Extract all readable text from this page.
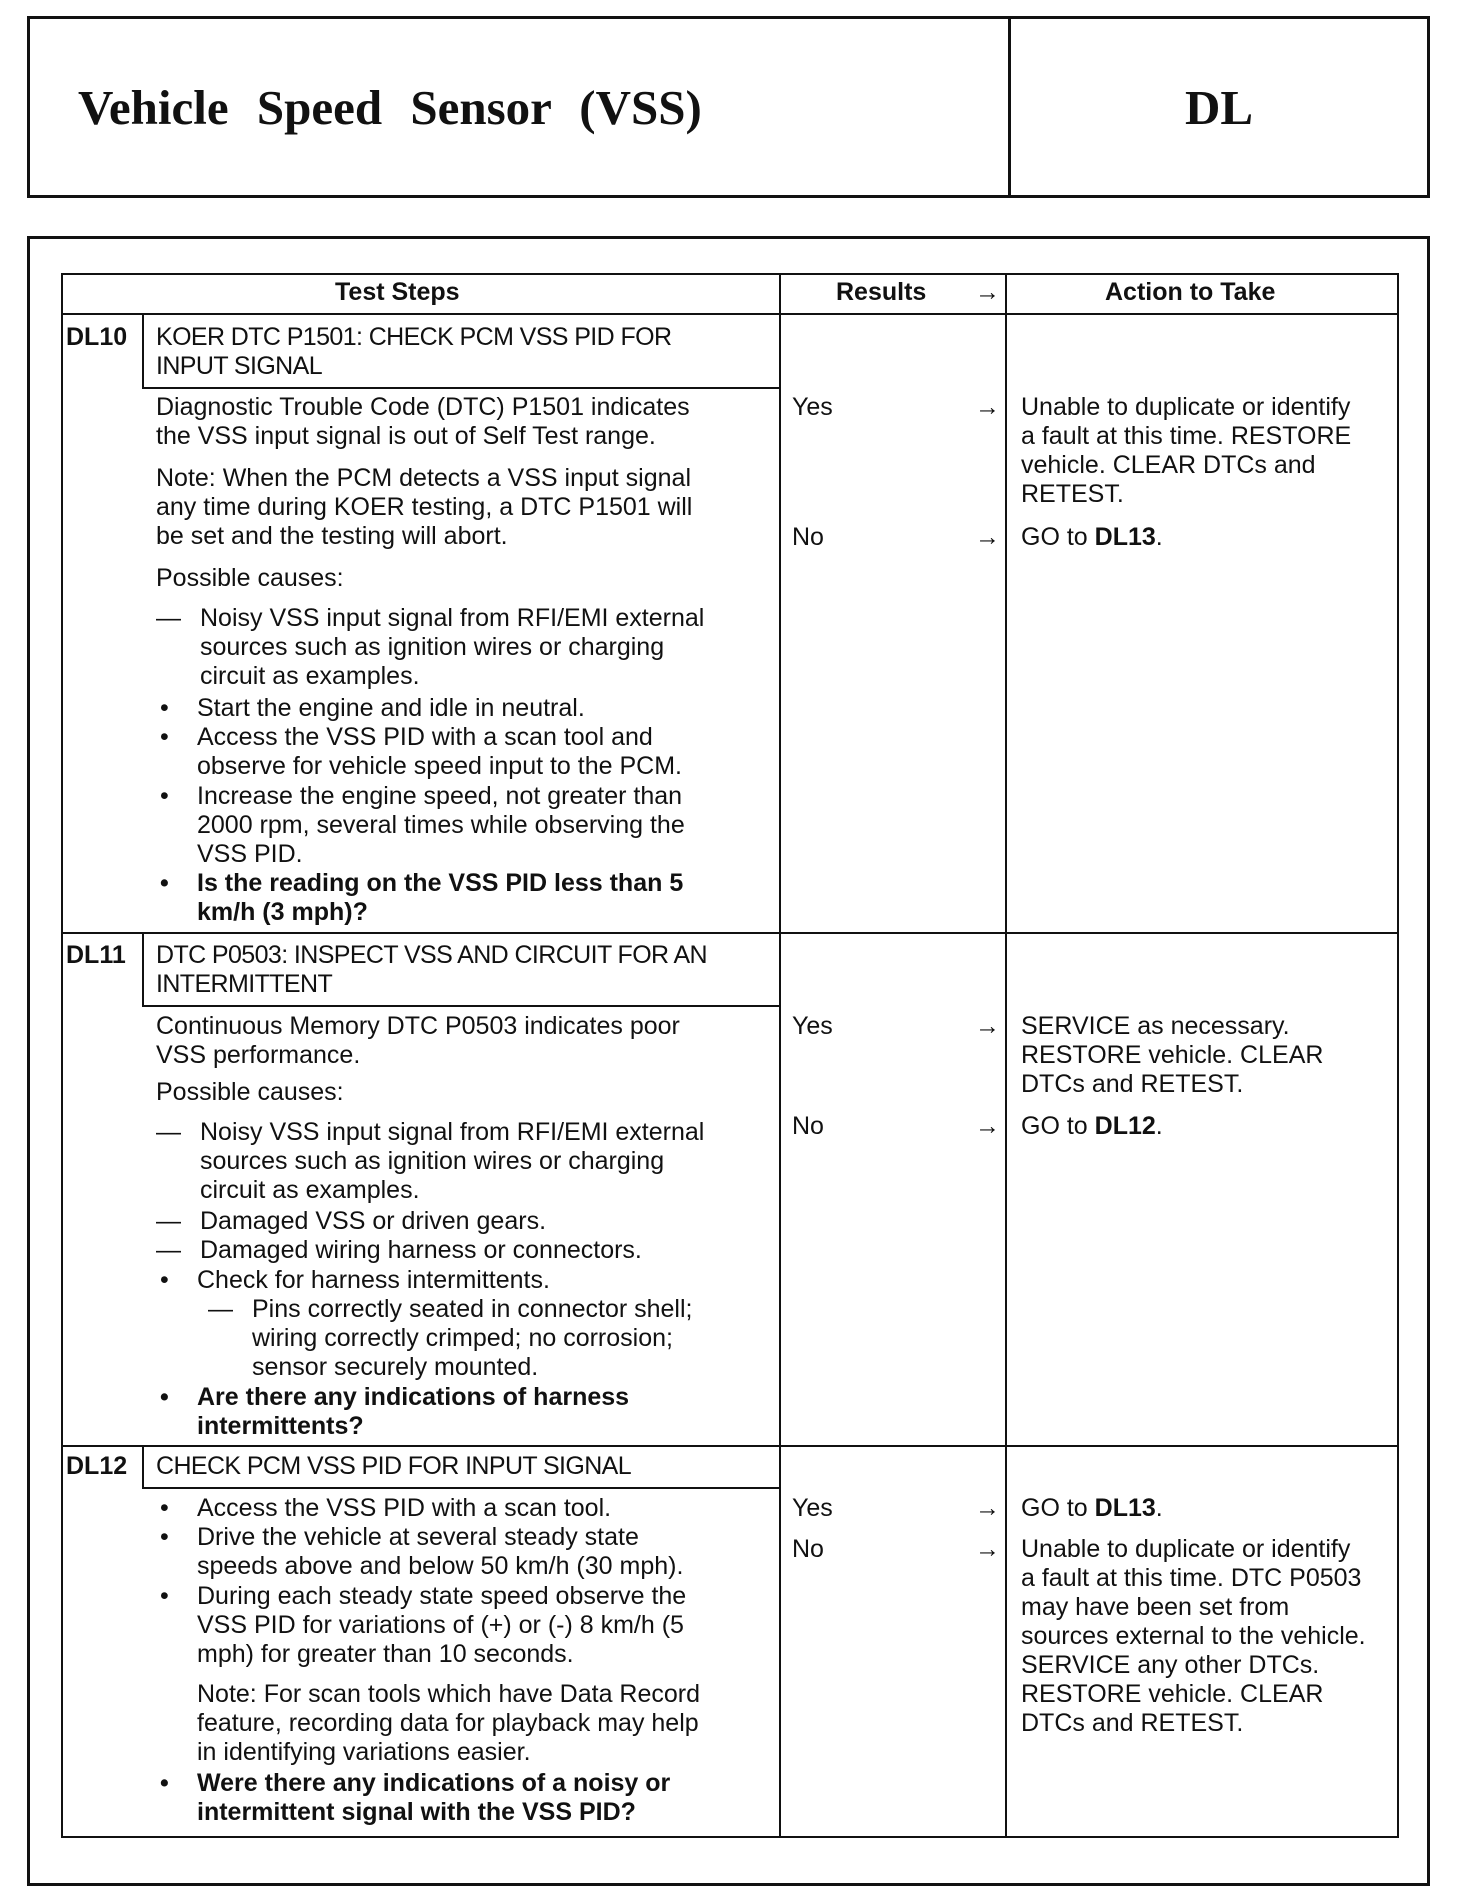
Vehicle Speed Sensor (VSS)	DL
Test Steps	Results →	Action to Take
DL10 KOER DTC P1501: CHECK PCM VSS PID FOR
INPUT SIGNAL
Diagnostic Trouble Code (DTC) P1501 indicates
the VSS input signal is out of Self Test range.
Note: When the PCM detects a VSS input signal
any time during KOER testing, a DTC P1501 will
be set and the testing will abort.
Possible causes:
— Noisy VSS input signal from RFI/EMI external
sources such as ignition wires or charging
circuit as examples.
• Start the engine and idle in neutral.
• Access the VSS PID with a scan tool and
observe for vehicle speed input to the PCM.
• Increase the engine speed, not greater than
2000 rpm, several times while observing the
VSS PID.
• Is the reading on the VSS PID less than 5
km/h (3 mph)?
Yes	→ Unable to duplicate or identify
a fault at this time. RESTORE
vehicle. CLEAR DTCs and
RETEST.
No	→ GO to DL13.
DL11 DTC P0503: INSPECT VSS AND CIRCUIT FOR AN
INTERMITTENT
Continuous Memory DTC P0503 indicates poor
VSS performance.
Possible causes:
— Noisy VSS input signal from RFI/EMI external
sources such as ignition wires or charging
circuit as examples.
— Damaged VSS or driven gears.
— Damaged wiring harness or connectors.
• Check for harness intermittents.
— Pins correctly seated in connector shell;
wiring correctly crimped; no corrosion;
sensor securely mounted.
• Are there any indications of harness
intermittents?
Yes	→ SERVICE as necessary.
RESTORE vehicle. CLEAR
DTCs and RETEST.
No	→ GO to DL12.
DL12 CHECK PCM VSS PID FOR INPUT SIGNAL
• Access the VSS PID with a scan tool.
• Drive the vehicle at several steady state
speeds above and below 50 km/h (30 mph).
• During each steady state speed observe the
VSS PID for variations of (+) or (-) 8 km/h (5
mph) for greater than 10 seconds.
Note: For scan tools which have Data Record
feature, recording data for playback may help
in identifying variations easier.
• Were there any indications of a noisy or
intermittent signal with the VSS PID?
Yes	→ GO to DL13.
No	→ Unable to duplicate or identify
a fault at this time. DTC P0503
may have been set from
sources external to the vehicle.
SERVICE any other DTCs.
RESTORE vehicle. CLEAR
DTCs and RETEST.
